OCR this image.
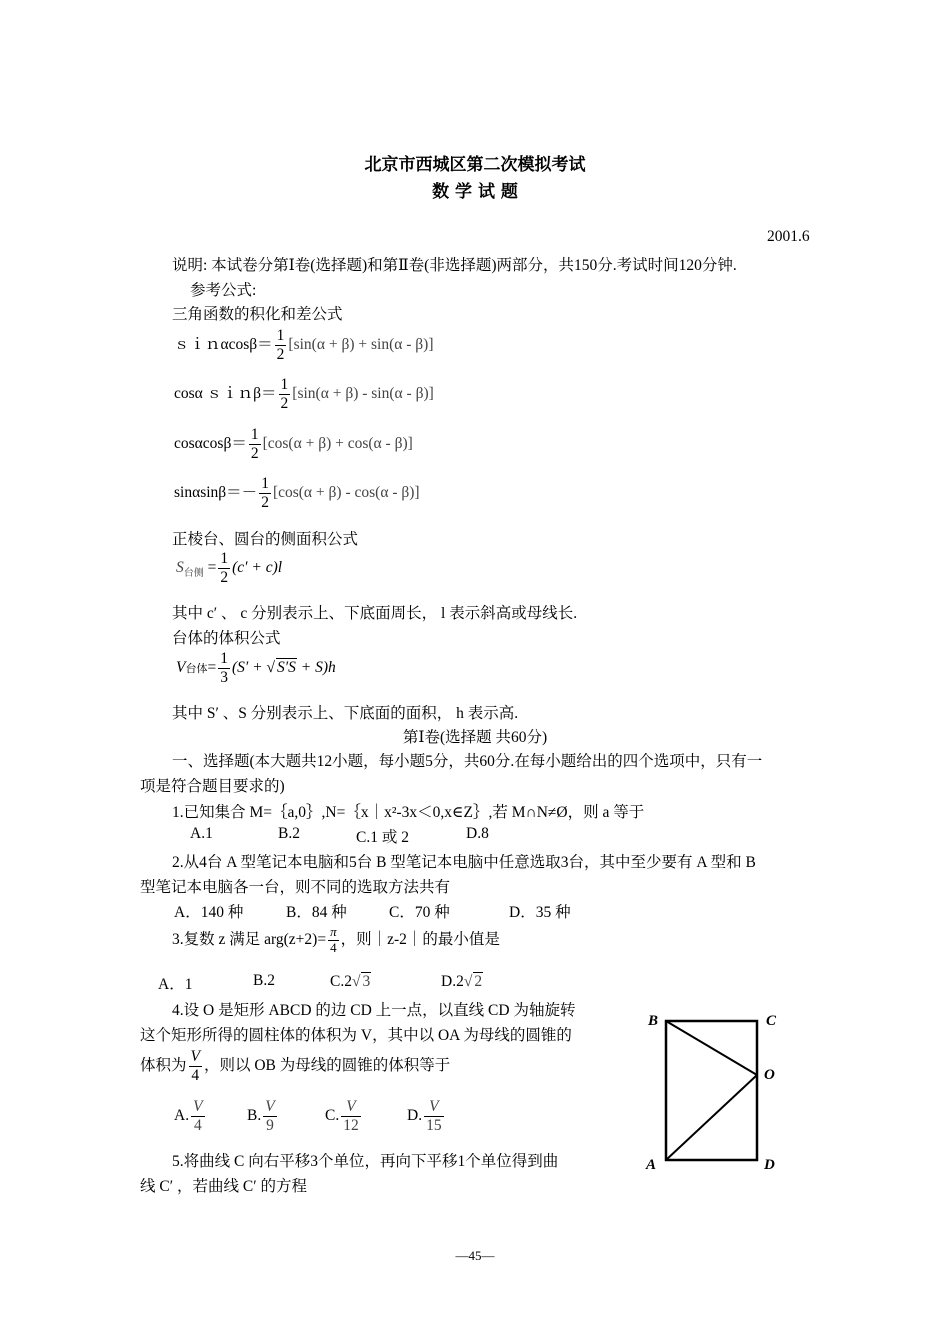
北京市西城区第二次模拟考试
数 学 试 题
2001.6
说明: 本试卷分第Ⅰ卷(选择题)和第Ⅱ卷(非选择题)两部分，共150分.考试时间120分钟.
参考公式:
三角函数的积化和差公式
ｓｉｎαcosβ＝ $\frac{1}{2} [\sin(\alpha + \beta) + \sin(\alpha - \beta)]$
cosα ｓｉｎβ＝ $\frac{1}{2} [\sin(\alpha + \beta) - \sin(\alpha - \beta)]$
$\cos\alpha\cos\beta= \frac{1}{2} [\cos(\alpha + \beta) + \cos(\alpha - \beta)]$
$\sin\alpha\sin\beta=- \frac{1}{2} [\cos(\alpha + \beta) - \cos(\alpha - \beta)]$
正棱台、圆台的侧面积公式
$S_{台侧} = \frac{1}{2} (c' + c)l$
其中 c′ 、 c 分别表示上、下底面周长， l 表示斜高或母线长.
台体的体积公式
V台体= $\frac{1}{3} (S'$ + √ S′S + S)h
其中 S′ 、S 分别表示上、下底面的面积， h 表示高.
第Ⅰ卷(选择题 共60分)
一、选择题(本大题共12小题，每小题5分，共60分.在每小题给出的四个选项中，只有一
项是符合题目要求的)
1.已知集合 M=｛a,0｝,N=｛x｜x²-3x＜0,x∈Z｝,若 M∩N≠Ø，则 a 等于
A.1	B.2	C.1 或 2	D.8
2.从4台 A 型笔记本电脑和5台 B 型笔记本电脑中任意选取3台，其中至少要有 A 型和 B
型笔记本电脑各一台，则不同的选取方法共有
A．140 种	B．84 种	C．70 种	D．35 种
3.复数 z 满足 $arg(z+2)= \frac{\pi}{4}$ ，则｜z-2｜的最小值是
A．1	B.2	C.2√ 3	D.2√ 2
4.设 O 是矩形 ABCD 的边 CD 上一点，以直线 CD 为轴旋转
这个矩形所得的圆柱体的体积为 V，其中以 OA 为母线的圆锥的
体积为 $\frac{V}{4}$ ，则以 OB 为母线的圆锥的体积等于
A. $\frac{V}{4}$	B. $\frac{V}{9}$	C. $\frac{V}{12}$	D. $\frac{V}{15}$
B	C
O
A	D
5.将曲线 C 向右平移3个单位，再向下平移1个单位得到曲
线 C′ ，若曲线 C′ 的方程
—45—
